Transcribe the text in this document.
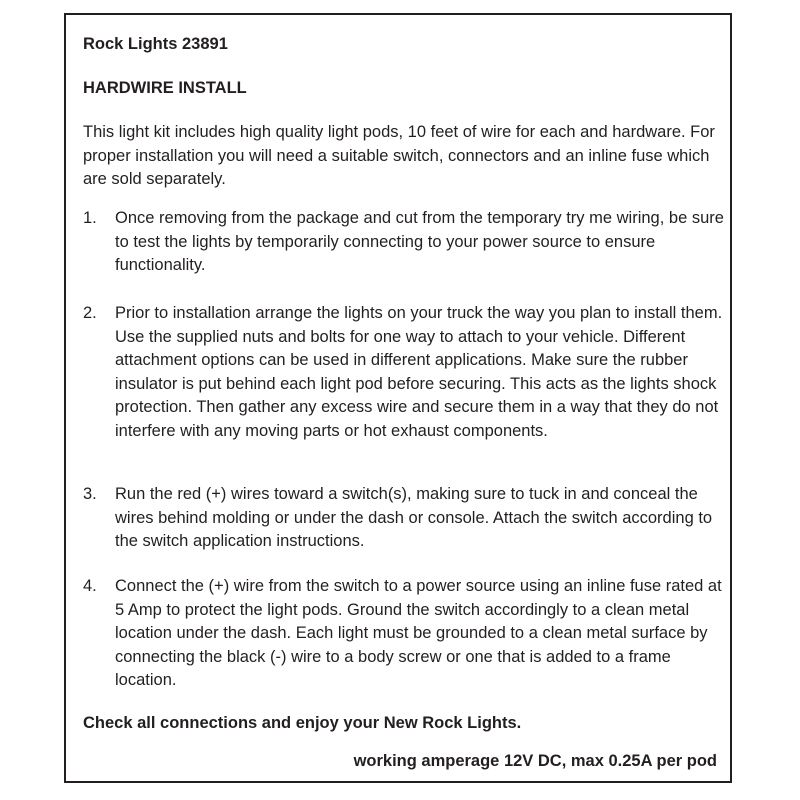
Rock Lights 23891

HARDWIRE INSTALL

This light kit includes high quality light pods, 10 feet of wire for each and hardware. For proper installation you will need a suitable switch, connectors and an inline fuse which are sold separately.

1. Once removing from the package and cut from the temporary try me wiring, be sure to test the lights by temporarily connecting to your power source to ensure functionality.
2. Prior to installation arrange the lights on your truck the way you plan to install them. Use the supplied nuts and bolts for one way to attach to your vehicle. Different attachment options can be used in different applications. Make sure the rubber insulator is put behind each light pod before securing. This acts as the lights shock protection. Then gather any excess wire and secure them in a way that they do not interfere with any moving parts or hot exhaust components.
3. Run the red (+) wires toward a switch(s), making sure to tuck in and conceal the wires behind molding or under the dash or console. Attach the switch according to the switch application instructions.
4. Connect the (+) wire from the switch to a power source using an inline fuse rated at 5 Amp to protect the light pods. Ground the switch accordingly to a clean metal location under the dash. Each light must be grounded to a clean metal surface by connecting the black (-) wire to a body screw or one that is added to a frame location.

Check all connections and enjoy your New Rock Lights.

working amperage 12V DC, max 0.25A per pod
